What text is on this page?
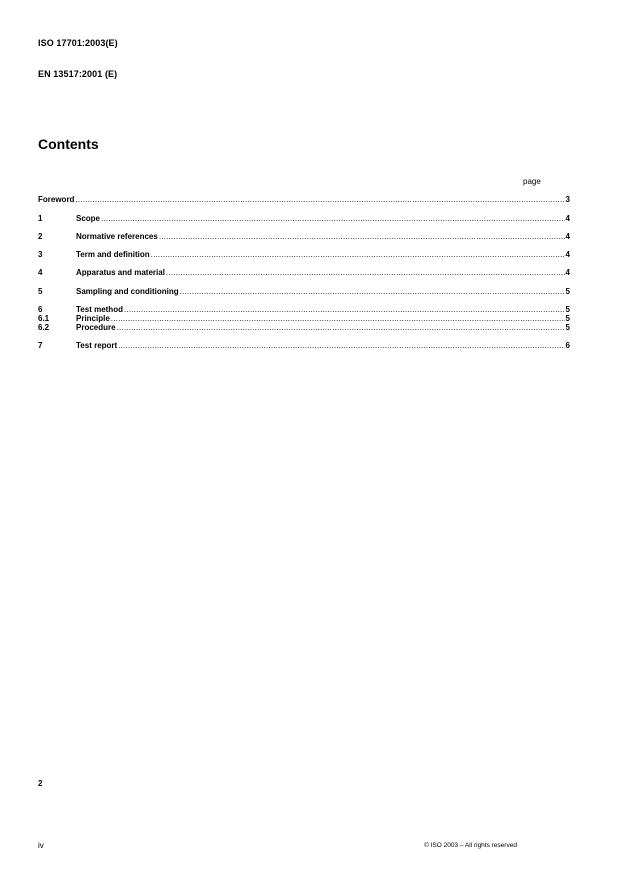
ISO 17701:2003(E)
EN 13517:2001 (E)
Contents
page
Foreword .....	3
1	Scope .....	4
2	Normative references .....	4
3	Term and definition .....	4
4	Apparatus and material .....	4
5	Sampling and conditioning .....	5
6	Test method .....	5
6.1	Principle .....	5
6.2	Procedure .....	5
7	Test report .....	6
2
iv	© ISO 2003 – All rights reserved
